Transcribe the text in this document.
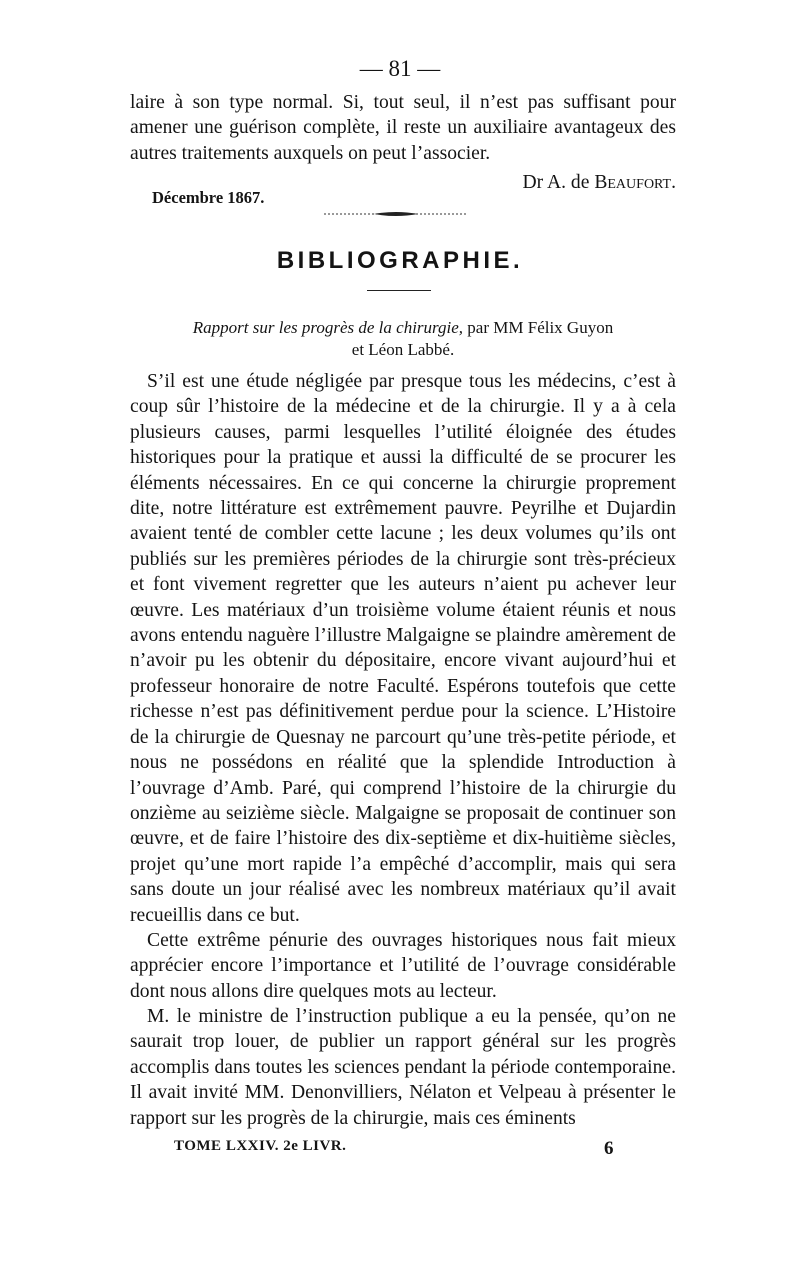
— 81 —

laire à son type normal. Si, tout seul, il n’est pas suffisant pour amener une guérison complète, il reste un auxiliaire avantageux des autres traitements auxquels on peut l’associer.

Dr A. de Beaufort.
Décembre 1867.
BIBLIOGRAPHIE.
Rapport sur les progrès de la chirurgie, par MM Félix Guyon
et Léon Labbé.

S’il est une étude négligée par presque tous les médecins, c’est à coup sûr l’histoire de la médecine et de la chirurgie. Il y a à cela plusieurs causes, parmi lesquelles l’utilité éloignée des études historiques pour la pratique et aussi la difficulté de se procurer les éléments nécessaires. En ce qui concerne la chirurgie proprement dite, notre littérature est extrêmement pauvre. Peyrilhe et Dujardin avaient tenté de combler cette lacune ; les deux volumes qu’ils ont publiés sur les premières périodes de la chirurgie sont très-précieux et font vivement regretter que les auteurs n’aient pu achever leur œuvre. Les matériaux d’un troisième volume étaient réunis et nous avons entendu naguère l’illustre Malgaigne se plaindre amèrement de n’avoir pu les obtenir du dépositaire, encore vivant aujourd’hui et professeur honoraire de notre Faculté. Espérons toutefois que cette richesse n’est pas définitivement perdue pour la science. L’Histoire de la chirurgie de Quesnay ne parcourt qu’une très-petite période, et nous ne possédons en réalité que la splendide Introduction à l’ouvrage d’Amb. Paré, qui comprend l’histoire de la chirurgie du onzième au seizième siècle. Malgaigne se proposait de continuer son œuvre, et de faire l’histoire des dix-septième et dix-huitième siècles, projet qu’une mort rapide l’a empêché d’accomplir, mais qui sera sans doute un jour réalisé avec les nombreux matériaux qu’il avait recueillis dans ce but.

Cette extrême pénurie des ouvrages historiques nous fait mieux apprécier encore l’importance et l’utilité de l’ouvrage considérable dont nous allons dire quelques mots au lecteur.

M. le ministre de l’instruction publique a eu la pensée, qu’on ne saurait trop louer, de publier un rapport général sur les progrès accomplis dans toutes les sciences pendant la période contemporaine. Il avait invité MM. Denonvilliers, Nélaton et Velpeau à présenter le rapport sur les progrès de la chirurgie, mais ces éminents

TOME LXXIV. 2e LIVR.	6
